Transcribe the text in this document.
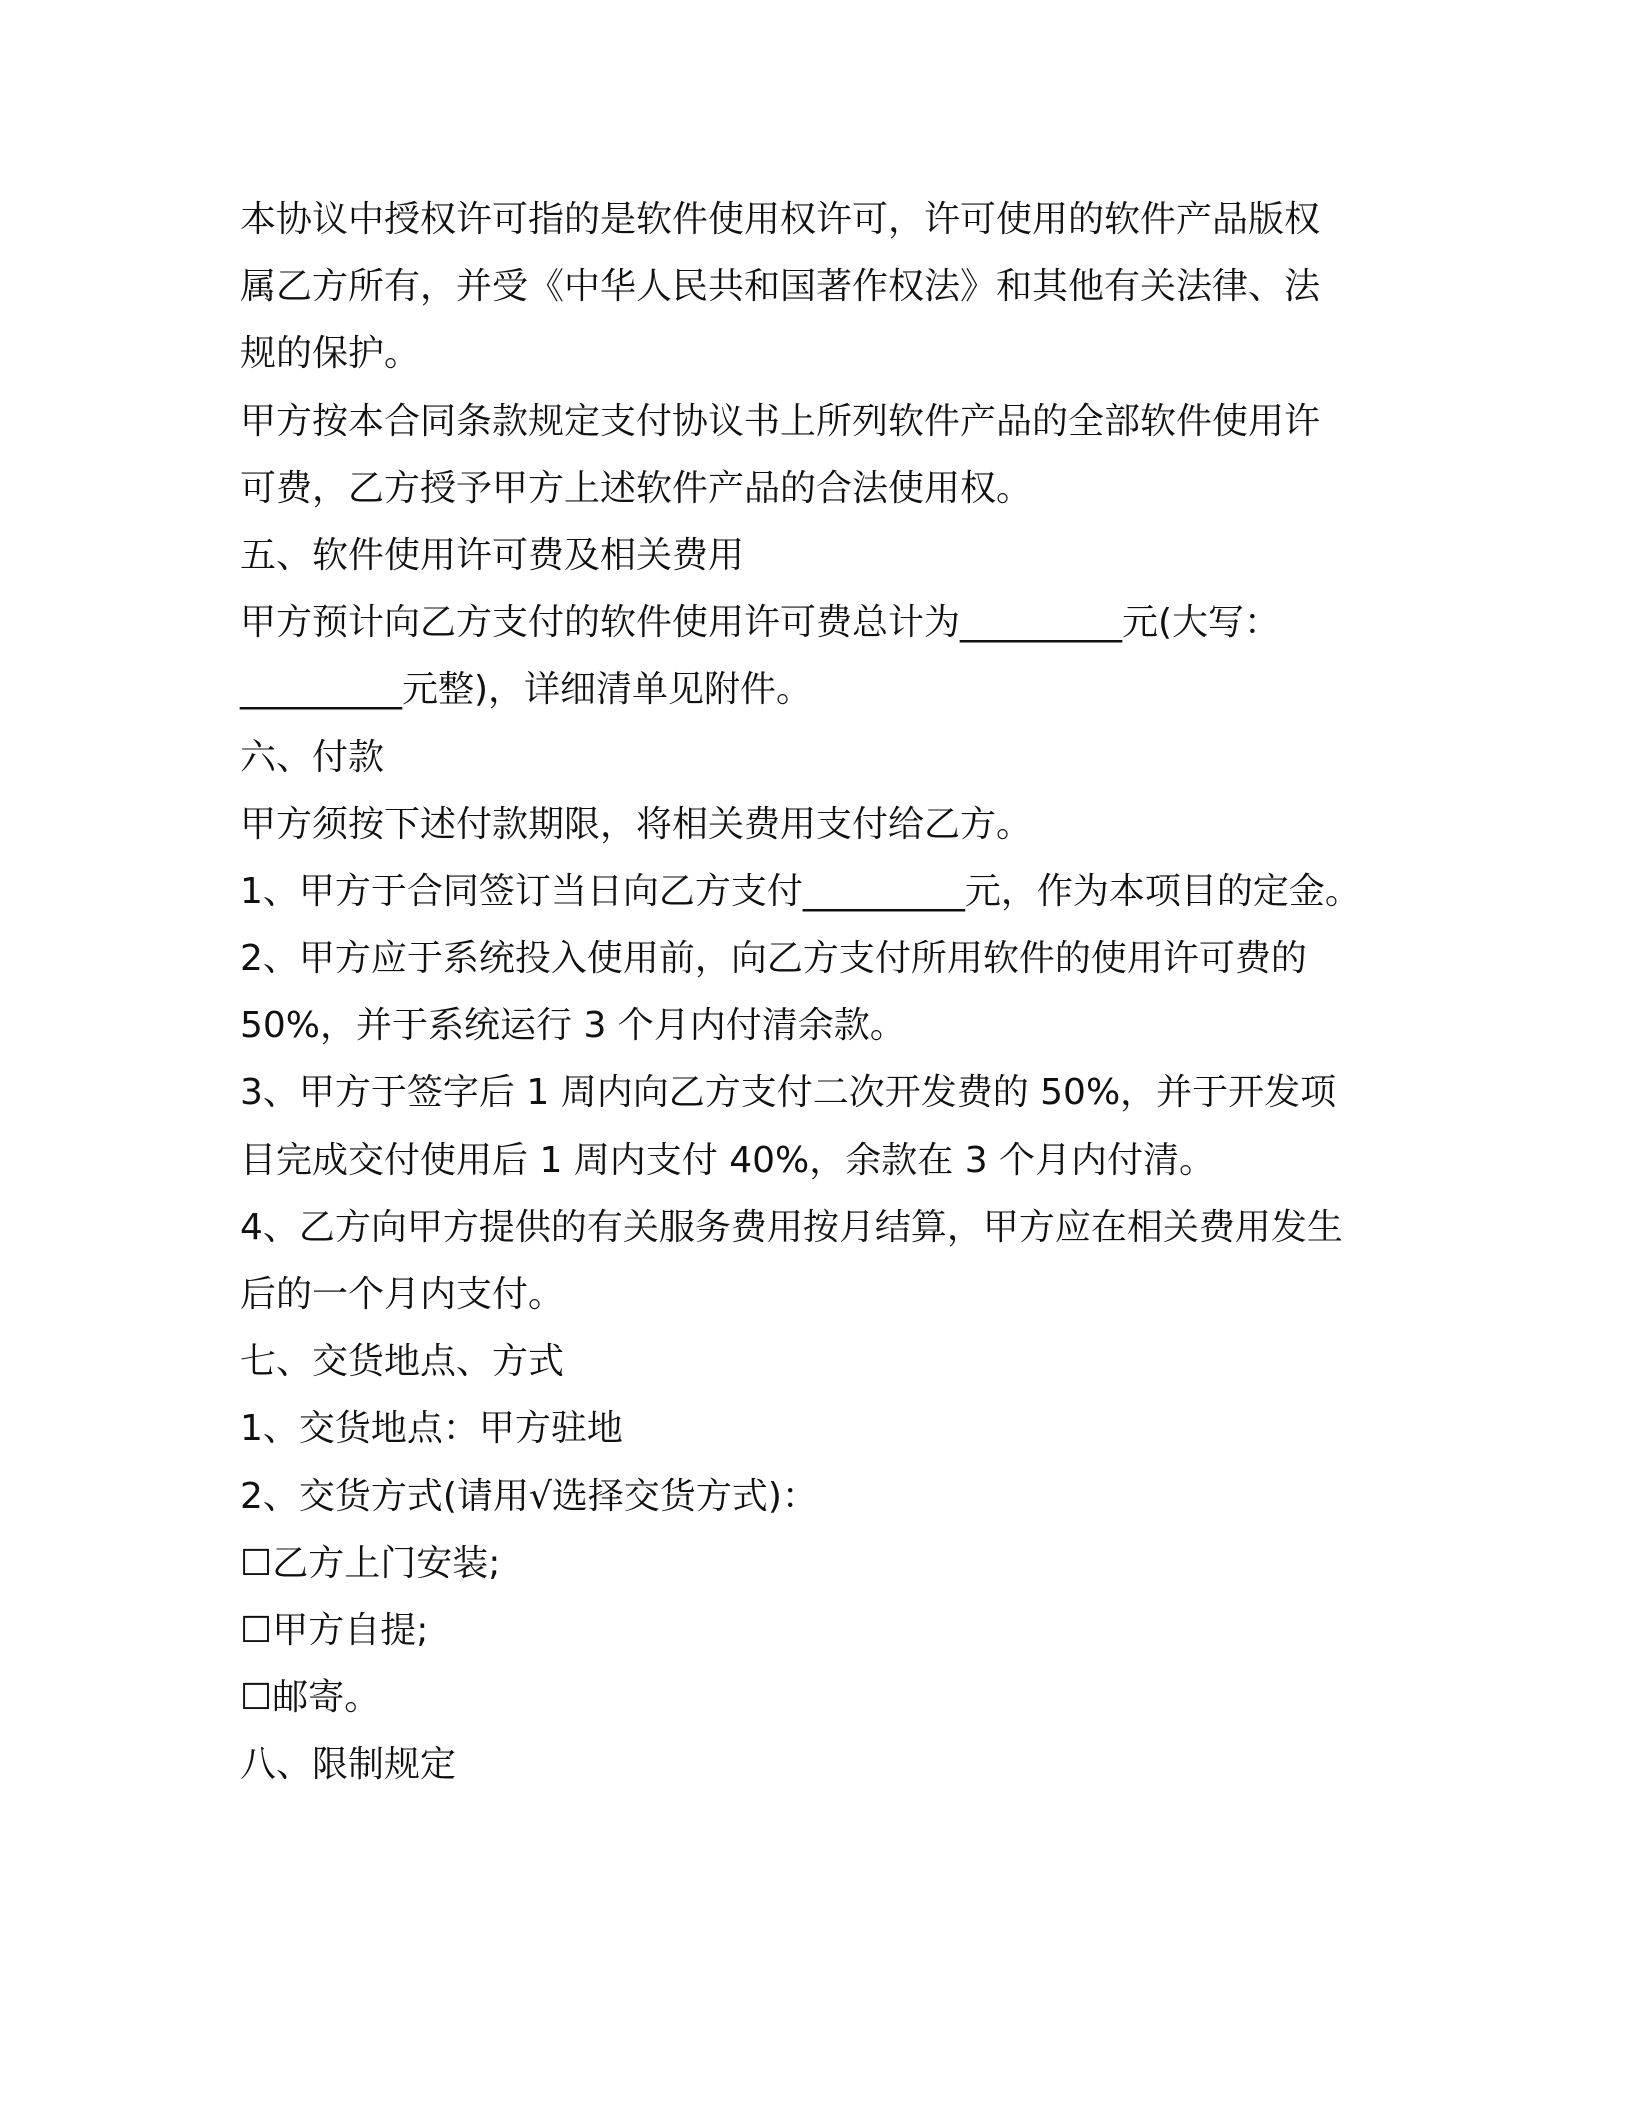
本协议中授权许可指的是软件使用权许可，许可使用的软件产品版权

属乙方所有，并受《中华人民共和国著作权法》和其他有关法律、法

规的保护。

甲方按本合同条款规定支付协议书上所列软件产品的全部软件使用许

可费，乙方授予甲方上述软件产品的合法使用权。

五、软件使用许可费及相关费用

甲方预计向乙方支付的软件使用许可费总计为_________元(大写：

_________元整)，详细清单见附件。

六、付款

甲方须按下述付款期限，将相关费用支付给乙方。

1、甲方于合同签订当日向乙方支付_________元，作为本项目的定金。

2、甲方应于系统投入使用前，向乙方支付所用软件的使用许可费的

50%，并于系统运行 3 个月内付清余款。

3、甲方于签字后 1 周内向乙方支付二次开发费的 50%，并于开发项

目完成交付使用后 1 周内支付 40%，余款在 3 个月内付清。

4、乙方向甲方提供的有关服务费用按月结算，甲方应在相关费用发生

后的一个月内支付。

七、交货地点、方式

1、交货地点：甲方驻地

2、交货方式(请用√选择交货方式)：

☐乙方上门安装;

☐甲方自提;

☐邮寄。

八、限制规定
